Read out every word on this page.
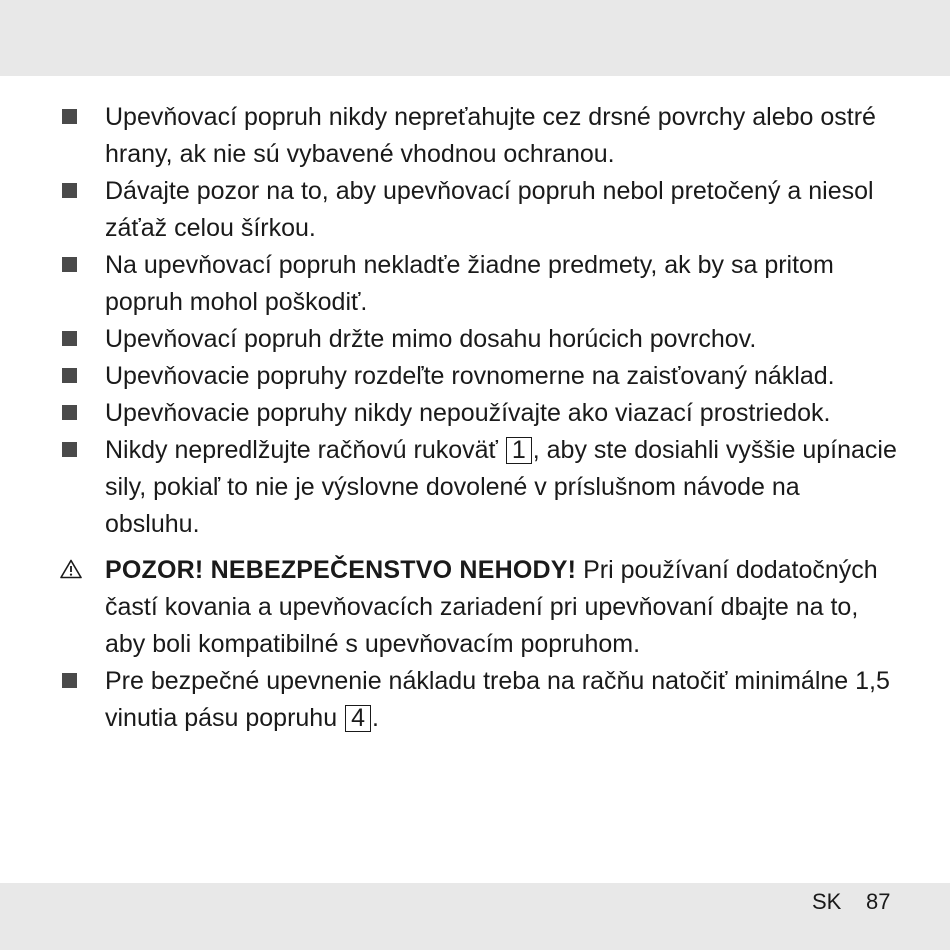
Upevňovací popruh nikdy nepreťahujte cez drsné povrchy alebo ostré hrany, ak nie sú vybavené vhodnou ochranou.

Dávajte pozor na to, aby upevňovací popruh nebol pretočený a niesol záťaž celou šírkou.

Na upevňovací popruh nekladťe žiadne predmety, ak by sa pritom popruh mohol poškodiť.

Upevňovací popruh držte mimo dosahu horúcich povrchov.

Upevňovacie popruhy rozdeľte rovnomerne na zaisťovaný náklad.

Upevňovacie popruhy nikdy nepoužívajte ako viazací prostriedok.

Nikdy nepredlžujte račňovú rukoväť 1 , aby ste dosiahli vyššie upínacie sily, pokiaľ to nie je výslovne dovolené v príslušnom návode na obsluhu.

POZOR! NEBEZPEČENSTVO NEHODY! Pri používaní dodatočných častí kovania a upevňovacích zariadení pri upevňovaní dbajte na to, aby boli kompatibilné s upevňovacím popruhom.

Pre bezpečné upevnenie nákladu treba na račňu natočiť minimálne 1,5 vinutia pásu popruhu 4 .

SK 87
